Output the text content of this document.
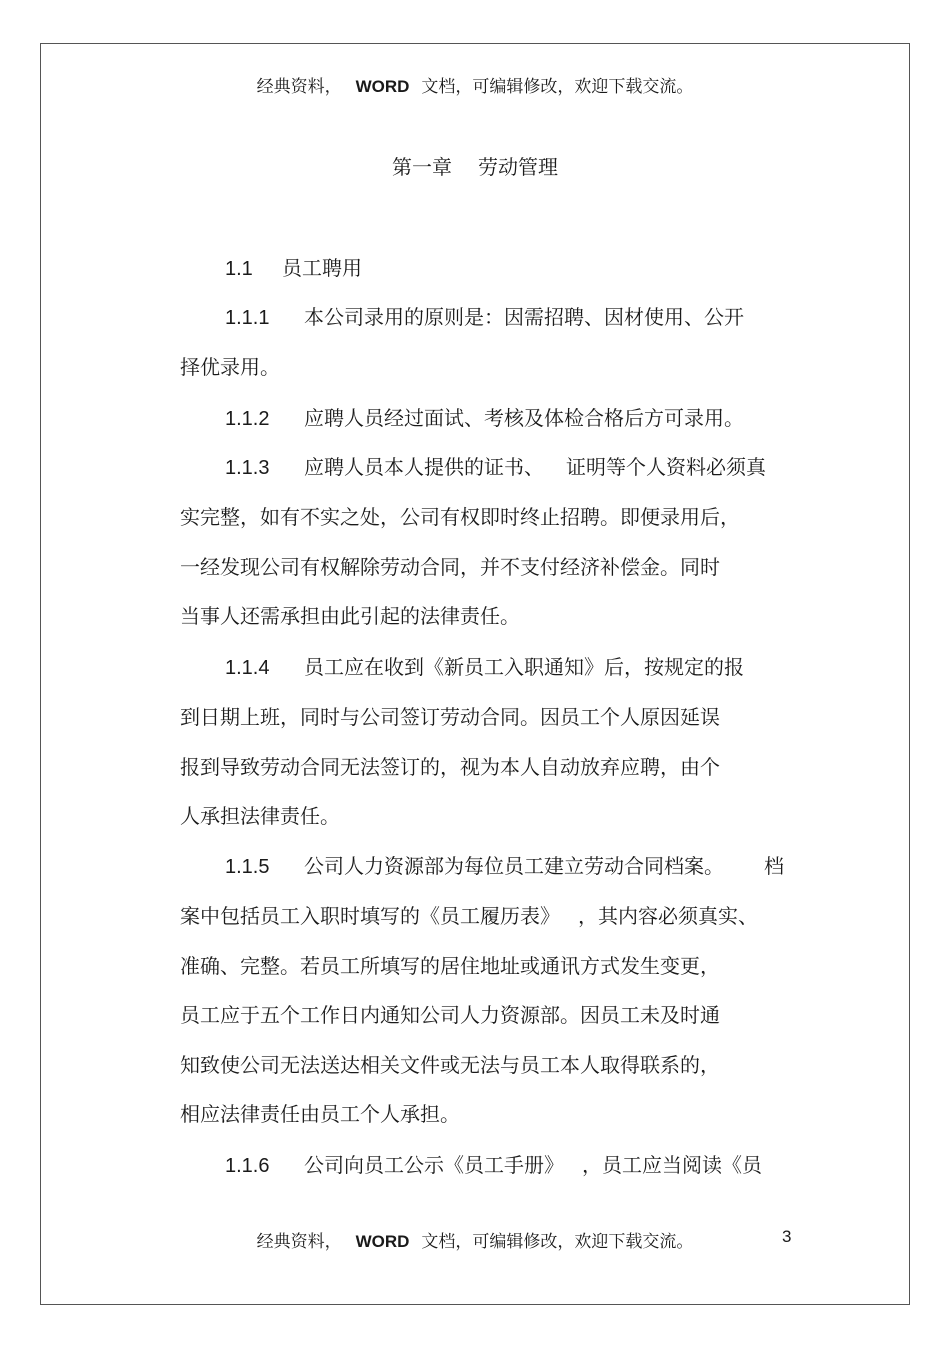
经典资料， WORD 文档，可编辑修改，欢迎下载交流。
第一章 劳动管理
1.1 员工聘用
1.1.1 本公司录用的原则是：因需招聘、因材使用、公开
择优录用。
1.1.2 应聘人员经过面试、考核及体检合格后方可录用。
1.1.3 应聘人员本人提供的证书、 证明等个人资料必须真
实完整，如有不实之处，公司有权即时终止招聘。即便录用后，
一经发现公司有权解除劳动合同，并不支付经济补偿金。同时
当事人还需承担由此引起的法律责任。
1.1.4 员工应在收到《新员工入职通知》后，按规定的报
到日期上班，同时与公司签订劳动合同。因员工个人原因延误
报到导致劳动合同无法签订的，视为本人自动放弃应聘，由个
人承担法律责任。
1.1.5 公司人力资源部为每位员工建立劳动合同档案。 档
案中包括员工入职时填写的《员工履历表》 ，其内容必须真实、
准确、完整。若员工所填写的居住地址或通讯方式发生变更，
员工应于五个工作日内通知公司人力资源部。因员工未及时通
知致使公司无法送达相关文件或无法与员工本人取得联系的，
相应法律责任由员工个人承担。
1.1.6 公司向员工公示《员工手册》 ，员工应当阅读《员
经典资料， WORD 文档，可编辑修改，欢迎下载交流。	3
